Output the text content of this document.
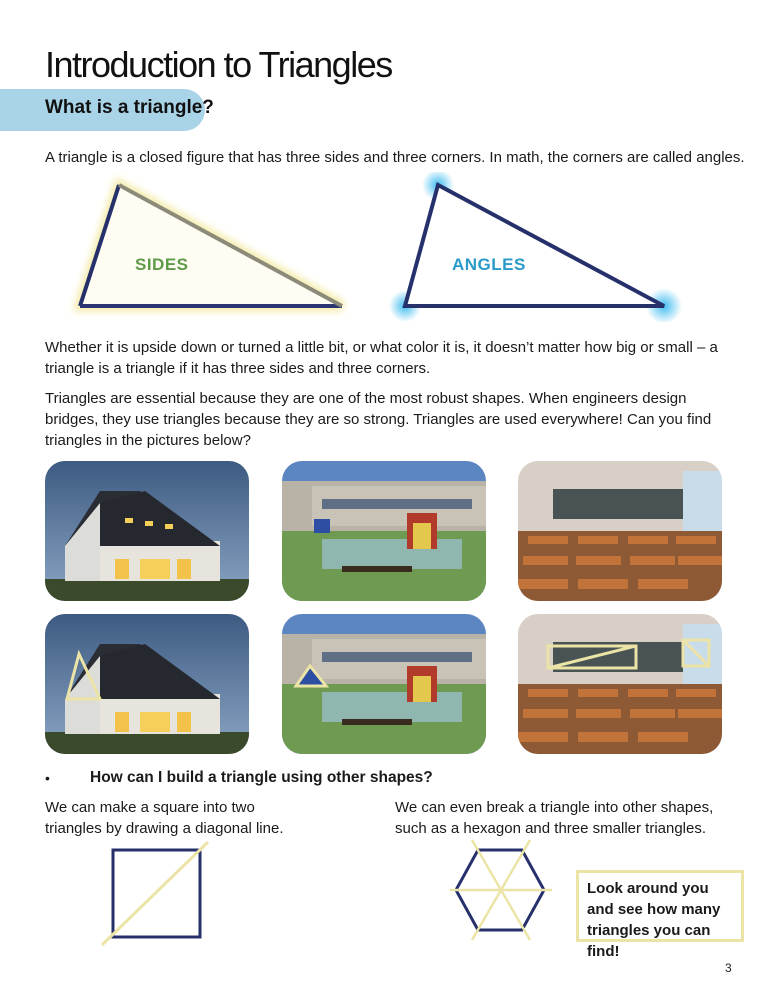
Introduction to Triangles
What is a triangle?
A triangle is a closed figure that has three sides and three corners. In math, the corners are called angles.
SIDES	ANGLES
Whether it is upside down or turned a little bit, or what color it is, it doesn’t matter how big or small – a triangle is a triangle if it has three sides and three corners.
Triangles are essential because they are one of the most robust shapes. When engineers design bridges, they use triangles because they are so strong. Triangles are used everywhere! Can you find triangles in the pictures below?
•	How can I build a triangle using other shapes?
We can make a square into two triangles by drawing a diagonal line.
We can even break a triangle into other shapes, such as a hexagon and three smaller triangles.
Look around you and see how many triangles you can find!
3
